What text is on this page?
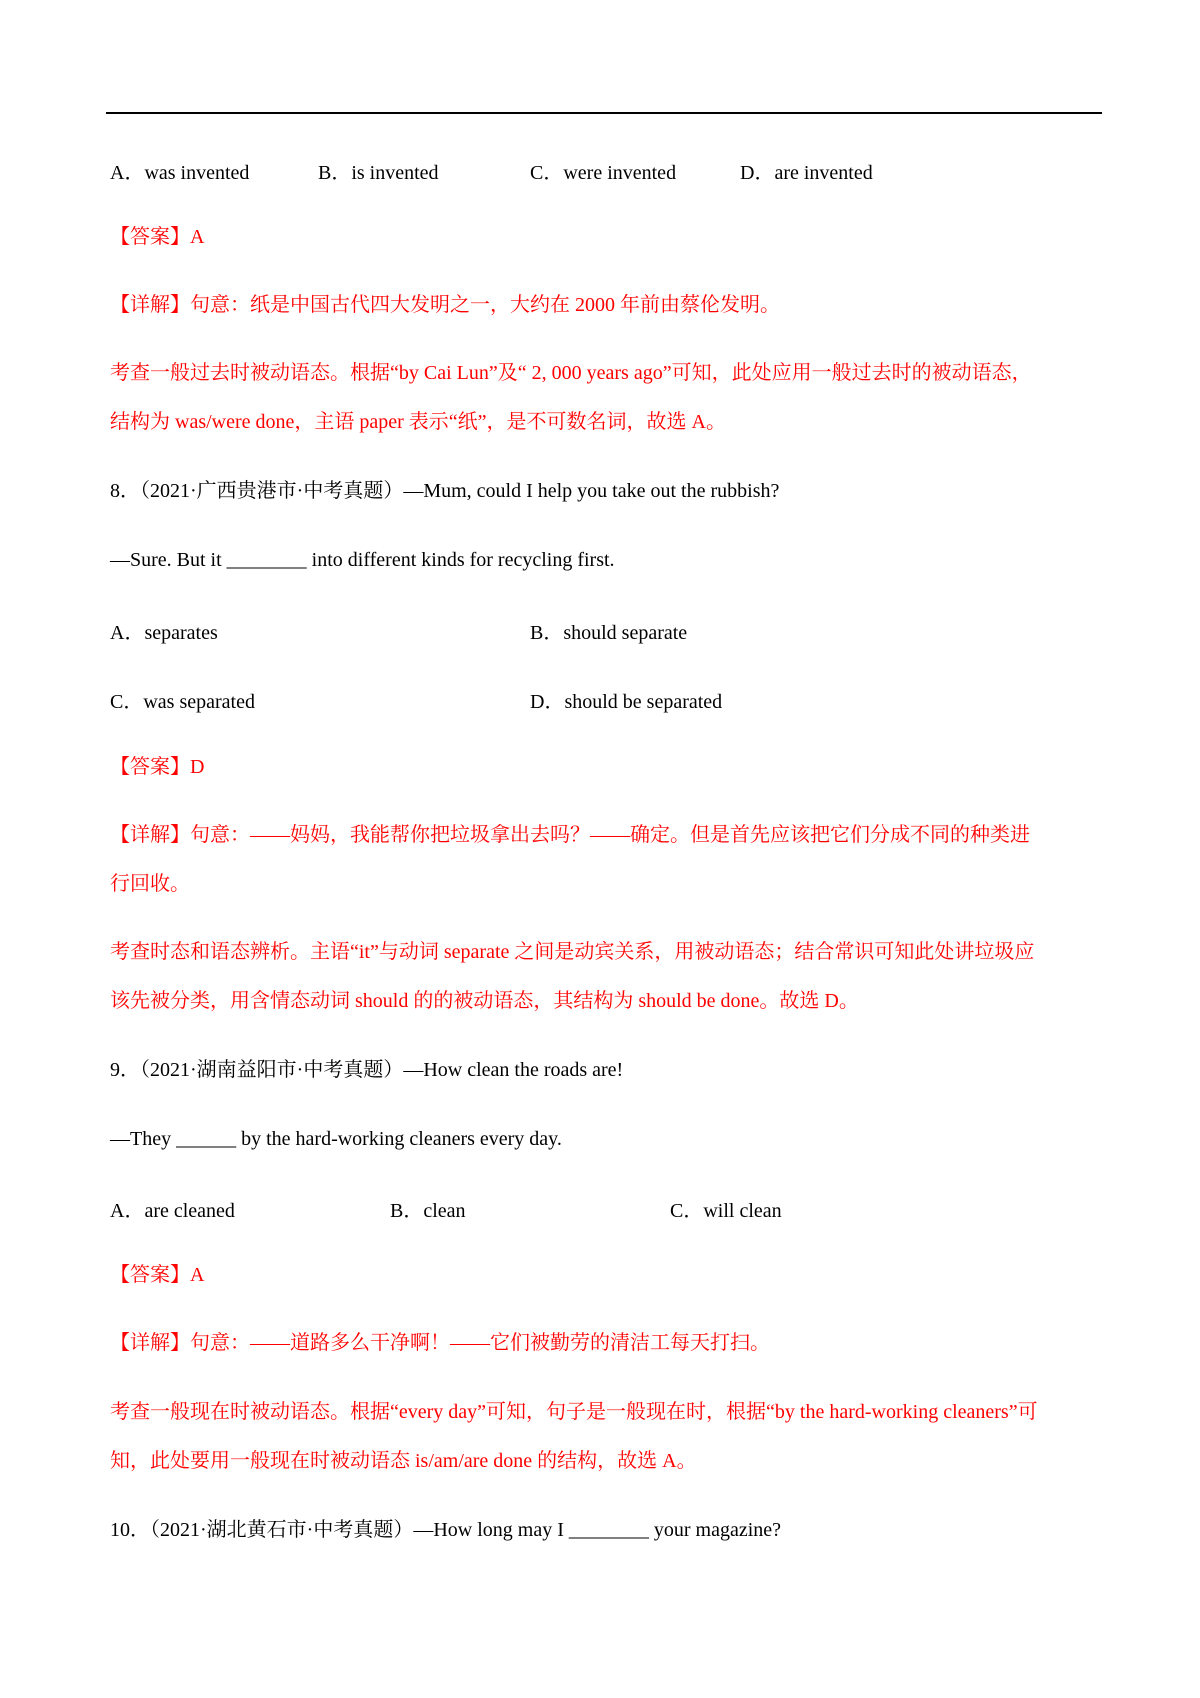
A．was invented	B．is invented	C．were invented	D．are invented
【答案】A
【详解】句意：纸是中国古代四大发明之一，大约在 2000 年前由蔡伦发明。
考查一般过去时被动语态。根据“by Cai Lun”及“ 2, 000 years ago”可知，此处应用一般过去时的被动语态，
结构为 was/were done，主语 paper 表示“纸”，是不可数名词，故选 A。
8．（2021·广西贵港市·中考真题）—Mum, could I help you take out the rubbish?
—Sure. But it ________ into different kinds for recycling first.
A．separates	B．should separate
C．was separated	D．should be separated
【答案】D
【详解】句意：——妈妈，我能帮你把垃圾拿出去吗？——确定。但是首先应该把它们分成不同的种类进
行回收。
考查时态和语态辨析。主语“it”与动词 separate 之间是动宾关系，用被动语态；结合常识可知此处讲垃圾应
该先被分类，用含情态动词 should 的的被动语态，其结构为 should be done。故选 D。
9．（2021·湖南益阳市·中考真题）—How clean the roads are!
—They ______ by the hard-working cleaners every day.
A．are cleaned	B．clean	C．will clean
【答案】A
【详解】句意：——道路多么干净啊！——它们被勤劳的清洁工每天打扫。
考查一般现在时被动语态。根据“every day”可知，句子是一般现在时，根据“by the hard-working cleaners”可
知，此处要用一般现在时被动语态 is/am/are done 的结构，故选 A。
10．（2021·湖北黄石市·中考真题）—How long may I ________ your magazine?
